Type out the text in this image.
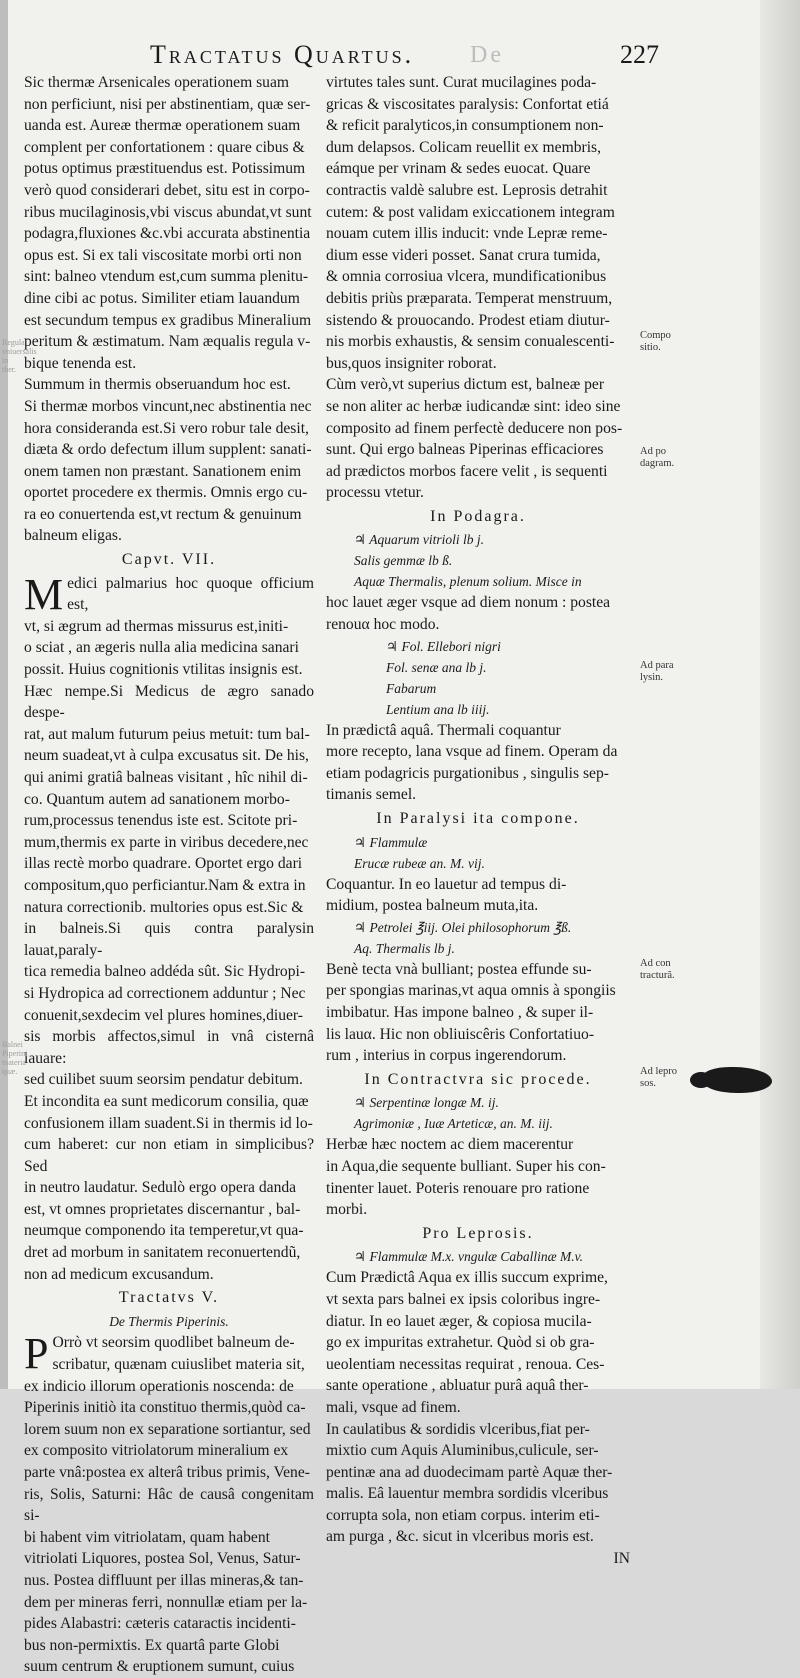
Tractatus Quartus. De	227

Sic thermæ Arsenicales operationem suam

non perficiunt, nisi per abstinentiam, quæ ser-

uanda est. Aureæ thermæ operationem suam

complent per confortationem : quare cibus &

potus optimus præstituendus est. Potissimum

verò quod considerari debet, situ est in corpo-

ribus mucilaginosis,vbi viscus abundat,vt sunt

podagra,fluxiones &c.vbi accurata abstinentia

opus est. Si ex tali viscositate morbi orti non

sint: balneo vtendum est,cum summa plenitu-

dine cibi ac potus. Similiter etiam lauandum

est secundum tempus ex gradibus Mineralium

peritum & æstimatum. Nam æqualis regula v-

bique tenenda est.

Summum in thermis obseruandum hoc est.

Si thermæ morbos vincunt,nec abstinentia nec

hora consideranda est.Si vero robur tale desit,

diæta & ordo defectum illum supplent: sanati-

onem tamen non præstant. Sanationem enim

oportet procedere ex thermis. Omnis ergo cu-

ra eo conuertenda est,vt rectum & genuinum

balneum eligas.

Capvt. VII.

M edici palmarius hoc quoque officium est,

vt, si ægrum ad thermas missurus est,initi-

o sciat , an ægeris nulla alia medicina sanari

possit. Huius cognitionis vtilitas insignis est.

Hæc nempe.Si Medicus de ægro sanado despe-

rat, aut malum futurum peius metuit: tum bal-

neum suadeat,vt à culpa excusatus sit. De his,

qui animi gratiâ balneas visitant , hîc nihil di-

co. Quantum autem ad sanationem morbo-

rum,processus tenendus iste est. Scitote pri-

mum,thermis ex parte in viribus decedere,nec

illas rectè morbo quadrare. Oportet ergo dari

compositum,quo perficiantur.Nam & extra in

natura correctionib. multories opus est.Sic &

in balneis.Si quis contra paralysin lauat,paraly-

tica remedia balneo addéda sût. Sic Hydropi-

si Hydropica ad correctionem adduntur ; Nec

conuenit,sexdecim vel plures homines,diuer-

sis morbis affectos,simul in vnâ cisternâ lauare:

sed cuilibet suum seorsim pendatur debitum.

Et incondita ea sunt medicorum consilia, quæ

confusionem illam suadent.Si in thermis id lo-

cum haberet: cur non etiam in simplicibus? Sed

in neutro laudatur. Sedulò ergo opera danda

est, vt omnes proprietates discernantur , bal-

neumque componendo ita temperetur,vt qua-

dret ad morbum in sanitatem reconuertendũ,

non ad medicum excusandum.

Tractatvs V.

De Thermis Piperinis.

P Orrò vt seorsim quodlibet balneum de-

scribatur, quænam cuiuslibet materia sit,

ex indicio illorum operationis noscenda: de

Piperinis initiò ita constituo thermis,quòd ca-

lorem suum non ex separatione sortiantur, sed

ex composito vitriolatorum mineralium ex

parte vnâ:postea ex alterâ tribus primis, Vene-

ris, Solis, Saturni: Hâc de causâ congenitam si-

bi habent vim vitriolatam, quam habent

vitriolati Liquores, postea Sol, Venus, Satur-

nus. Postea diffluunt per illas mineras,& tan-

dem per mineras ferri, nonnullæ etiam per la-

pides Alabastri: cæteris cataractis incidenti-

bus non-permixtis. Ex quartâ parte Globi

suum centrum & eruptionem sumunt, cuius

virtutes tales sunt. Curat mucilagines poda-

gricas & viscositates paralysis: Confortat etiá

& reficit paralyticos,in consumptionem non-

dum delapsos. Colicam reuellit ex membris,

eámque per vrinam & sedes euocat. Quare

contractis valdè salubre est. Leprosis detrahit

cutem: & post validam exiccationem integram

nouam cutem illis inducit: vnde Lepræ reme-

dium esse videri posset. Sanat crura tumida,

& omnia corrosiua vlcera, mundificationibus

debitis priùs præparata. Temperat menstruum,

sistendo & prouocando. Prodest etiam diutur-

nis morbis exhaustis, & sensim conualescenti-

bus,quos insigniter roborat.

Cùm verò,vt superius dictum est, balneæ per

se non aliter ac herbæ iudicandæ sint: ideo sine

composito ad finem perfectè deducere non pos-

sunt. Qui ergo balneas Piperinas efficaciores

ad prædictos morbos facere velit , is sequenti

processu vtetur.

In Podagra.

♃ Aquarum vitrioli lb j.

Salis gemmæ lb ß.

Aquæ Thermalis, plenum solium. Misce in

hoc lauet æger vsque ad diem nonum : postea

renouα hoc modo.

♃ Fol. Ellebori nigri

Fol. senæ ana lb j.

Fabarum

Lentium ana lb iiij.

In prædictâ aquâ. Thermali coquantur

more recepto, lana vsque ad finem. Operam da

etiam podagricis purgationibus , singulis sep-

timanis semel.

In Paralysi ita compone.

♃ Flammulæ

Erucæ rubeæ an. M. vij.

Coquantur. In eo lauetur ad tempus di-

midium, postea balneum muta,ita.

♃ Petrolei ℥iij. Olei philosophorum ℥ß.

Aq. Thermalis lb j.

Benè tecta vnà bulliant; postea effunde su-

per spongias marinas,vt aqua omnis à spongiis

imbibatur. Has impone balneo , & super il-

lis lauα. Hic non obliuiscêris Confortatiuo-

rum , interius in corpus ingerendorum.

In Contractvra sic procede.

♃ Serpentinæ longæ M. ij.

Agrimoniæ , Iuæ Arteticæ, an. M. iij.

Herbæ hæc noctem ac diem macerentur

in Aqua,die sequente bulliant. Super his con-

tinenter lauet. Poteris renouare pro ratione

morbi.

Pro Leprosis.

♃ Flammulæ M.x. vngulæ Caballinæ M.v.

Cum Prædictâ Aqua ex illis succum exprime,

vt sexta pars balnei ex ipsis coloribus ingre-

diatur. In eo lauet æger, & copiosa mucila-

go ex impuritas extrahetur. Quòd si ob gra-

ueolentiam necessitas requirat , renoua. Ces-

sante operatione , abluatur purâ aquâ ther-

mali, vsque ad finem.

In caulatibus & sordidis vlceribus,fiat per-

mixtio cum Aquis Aluminibus,culicule, ser-

pentinæ ana ad duodecimam partè Aquæ ther-

malis. Eâ lauentur membra sordidis vlceribus

corrupta sola, non etiam corpus. interim eti-

am purga , &c. sicut in vlceribus moris est.

IN

Compo sitio.
Ad po dagram.
Ad para lysin.
Ad con tractură.
Ad lepro sos.
Regula vniuersalis in ther.
Balnei Piperini materia quæ.
